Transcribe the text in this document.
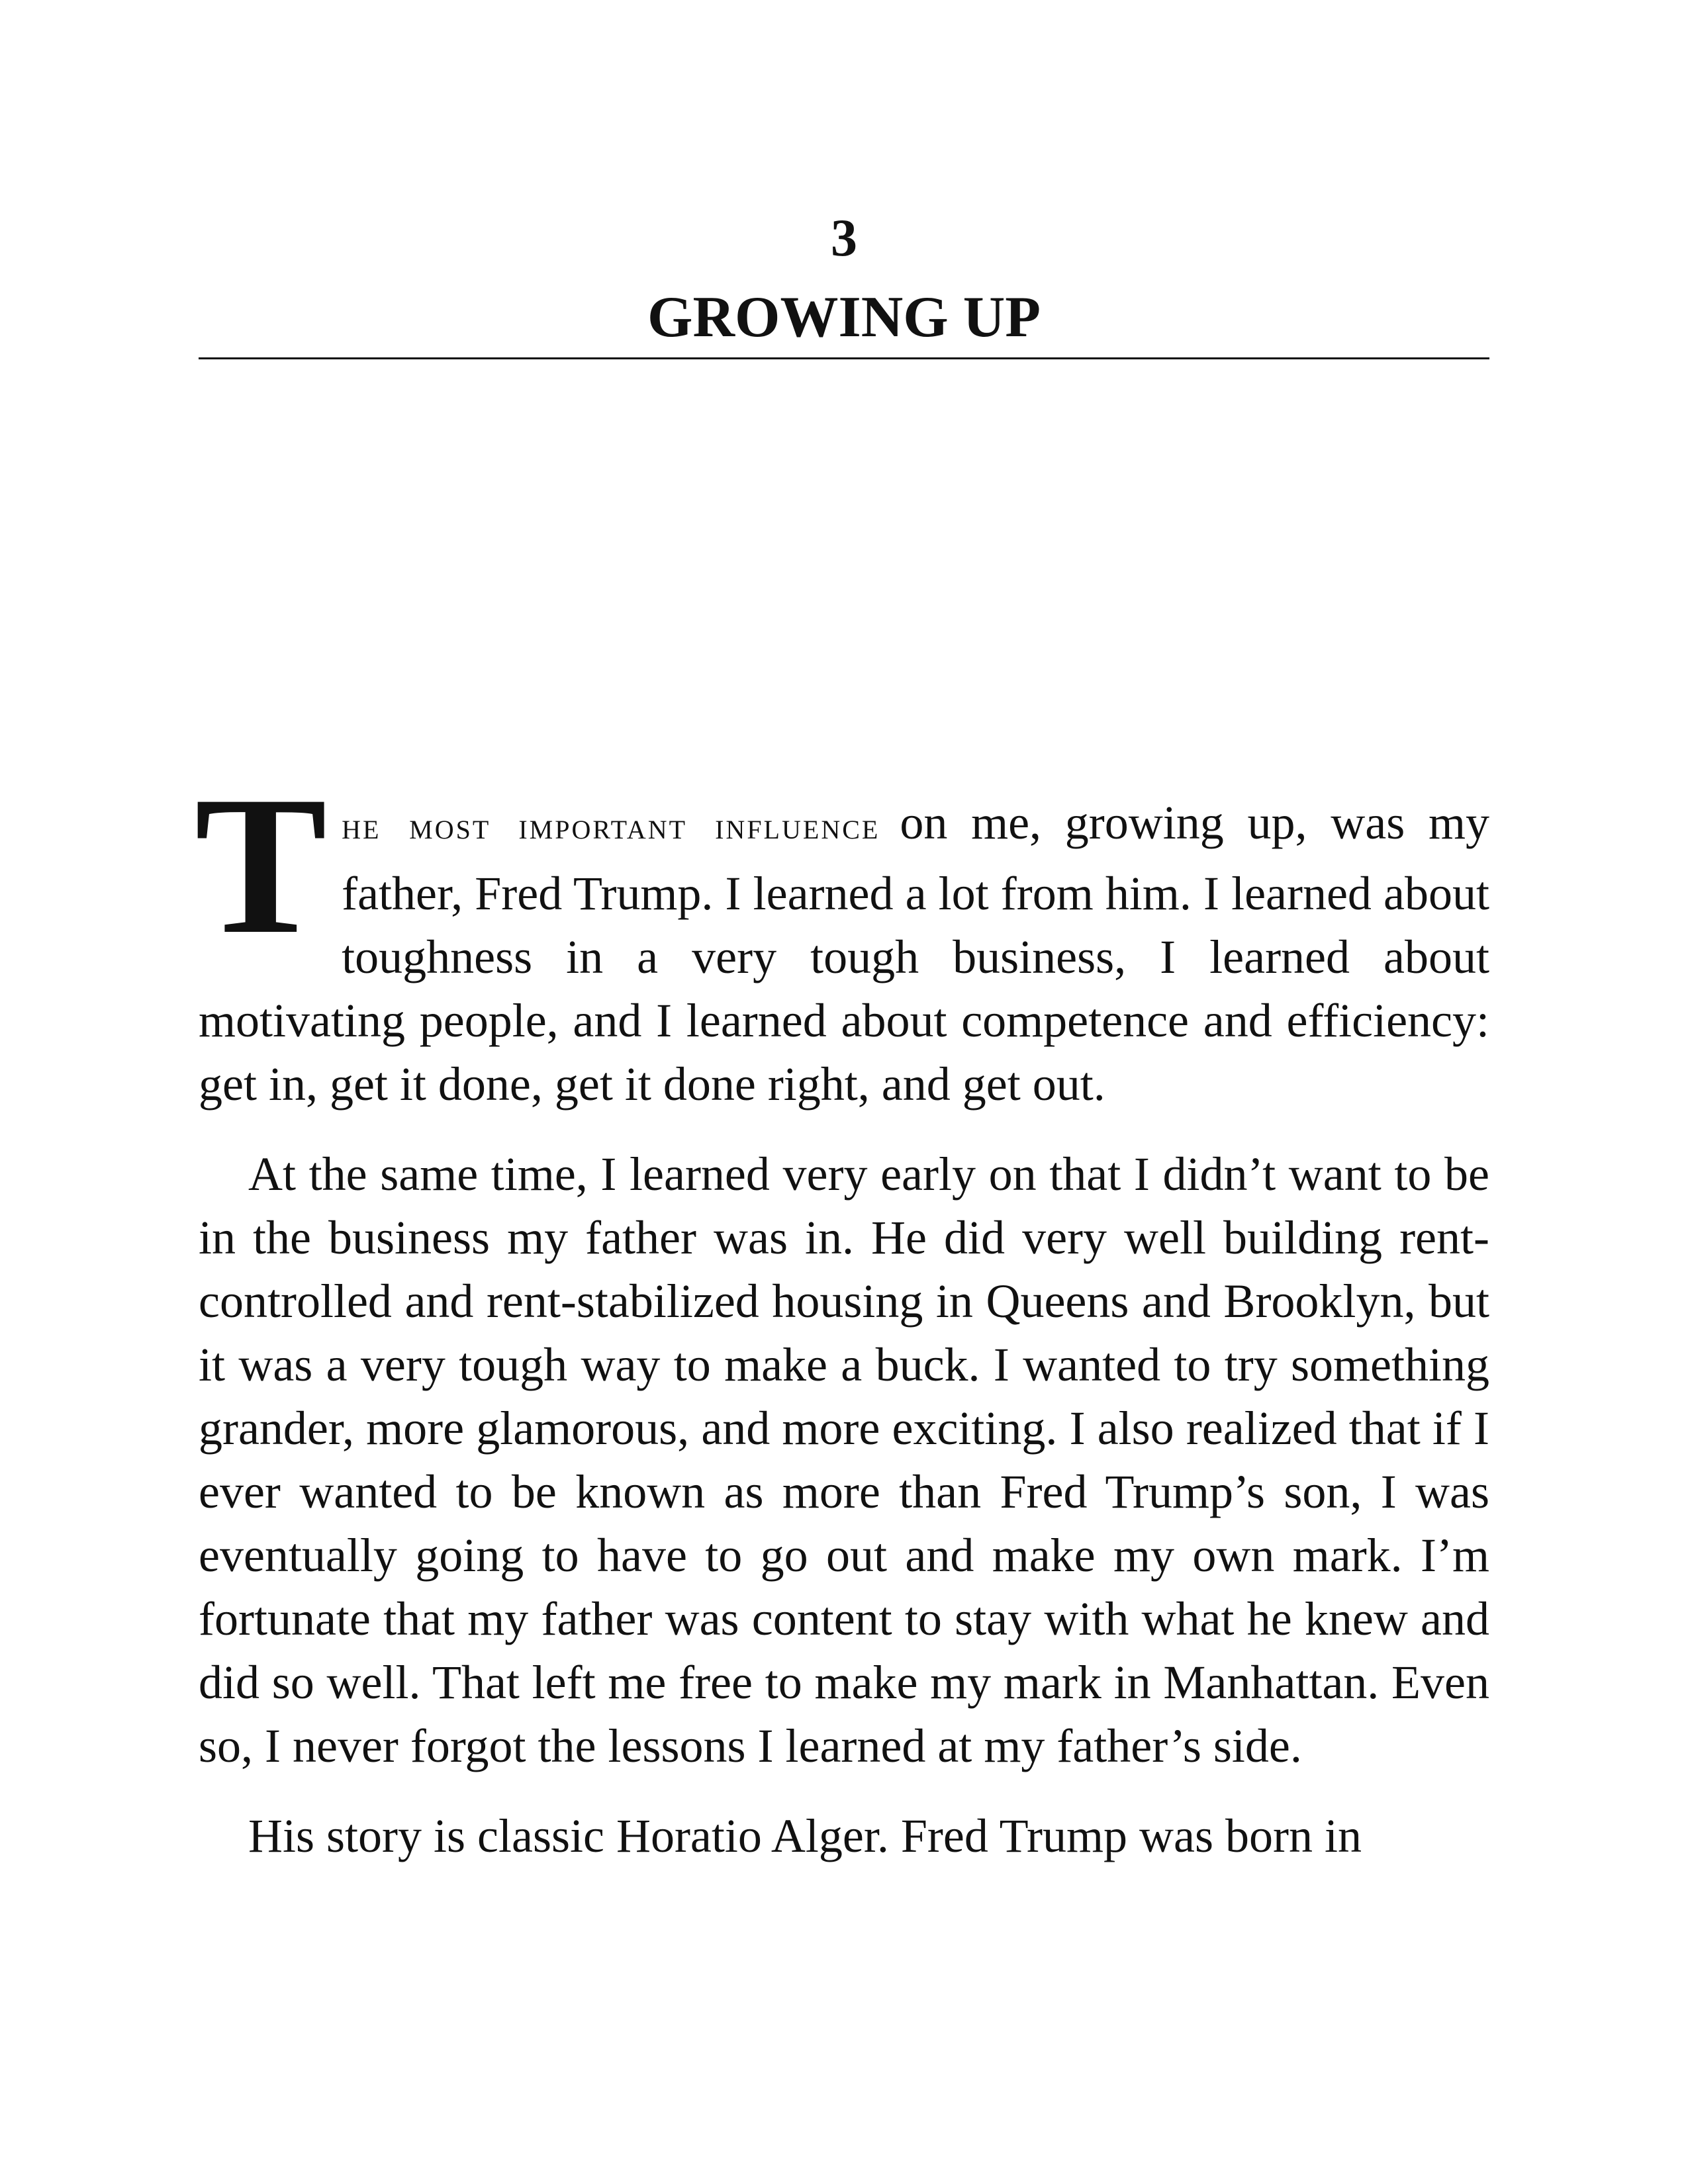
3
GROWING UP

THE MOST IMPORTANT INFLUENCE on me, growing up, was my father, Fred Trump. I learned a lot from him. I learned about toughness in a very tough business, I learned about motivating people, and I learned about competence and efficiency: get in, get it done, get it done right, and get out.

At the same time, I learned very early on that I didn’t want to be in the business my father was in. He did very well building rent-controlled and rent-stabilized housing in Queens and Brooklyn, but it was a very tough way to make a buck. I wanted to try something grander, more glamorous, and more exciting. I also realized that if I ever wanted to be known as more than Fred Trump’s son, I was eventually going to have to go out and make my own mark. I’m fortunate that my father was content to stay with what he knew and did so well. That left me free to make my mark in Manhattan. Even so, I never forgot the lessons I learned at my father’s side.

His story is classic Horatio Alger. Fred Trump was born in
